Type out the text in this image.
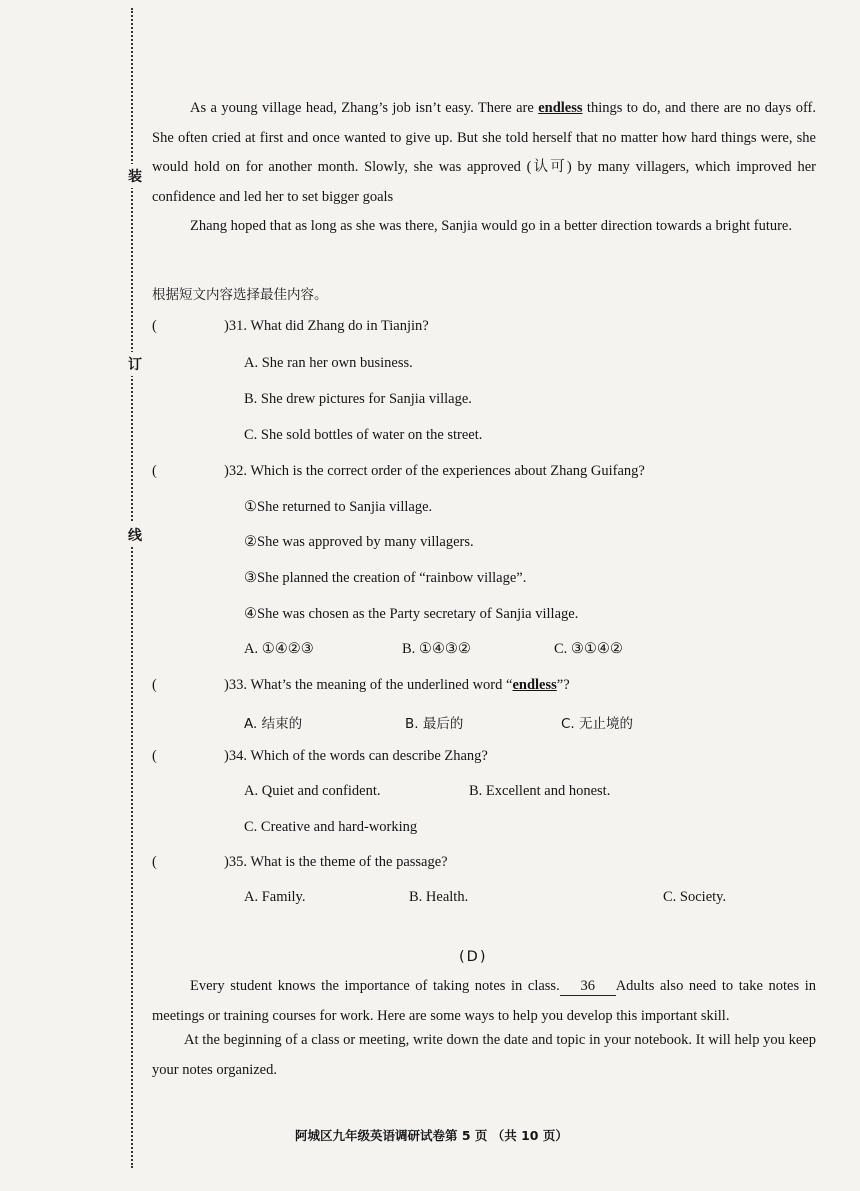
装
订
线

As a young village head, Zhang’s job isn’t easy. There are endless things to do, and there are no days off. She often cried at first and once wanted to give up. But she told herself that no matter how hard things were, she would hold on for another month. Slowly, she was approved (认可) by many villagers, which improved her confidence and led her to set bigger goals

Zhang hoped that as long as she was there, Sanjia would go in a better direction towards a bright future.

根据短文内容选择最佳内容。
(	)31. What did Zhang do in Tianjin?
A. She ran her own business.
B. She drew pictures for Sanjia village.
C. She sold bottles of water on the street.
(	)32. Which is the correct order of the experiences about Zhang Guifang?
①She returned to Sanjia village.
②She was approved by many villagers.
③She planned the creation of “rainbow village”.
④She was chosen as the Party secretary of Sanjia village.
A. ①④②③	B. ①④③②	C. ③①④②
(	)33. What’s the meaning of the underlined word “endless”?
A. 结束的	B. 最后的	C. 无止境的
(	)34. Which of the words can describe Zhang?
A. Quiet and confident.	B. Excellent and honest.
C. Creative and hard-working
(	)35. What is the theme of the passage?
A. Family.	B. Health.	C. Society.
(D)

Every student knows the importance of taking notes in class. 36 Adults also need to take notes in meetings or training courses for work. Here are some ways to help you develop this important skill.

At the beginning of a class or meeting, write down the date and topic in your notebook. It will help you keep your notes organized.

阿城区九年级英语调研试卷第 5 页 （共 10 页）
